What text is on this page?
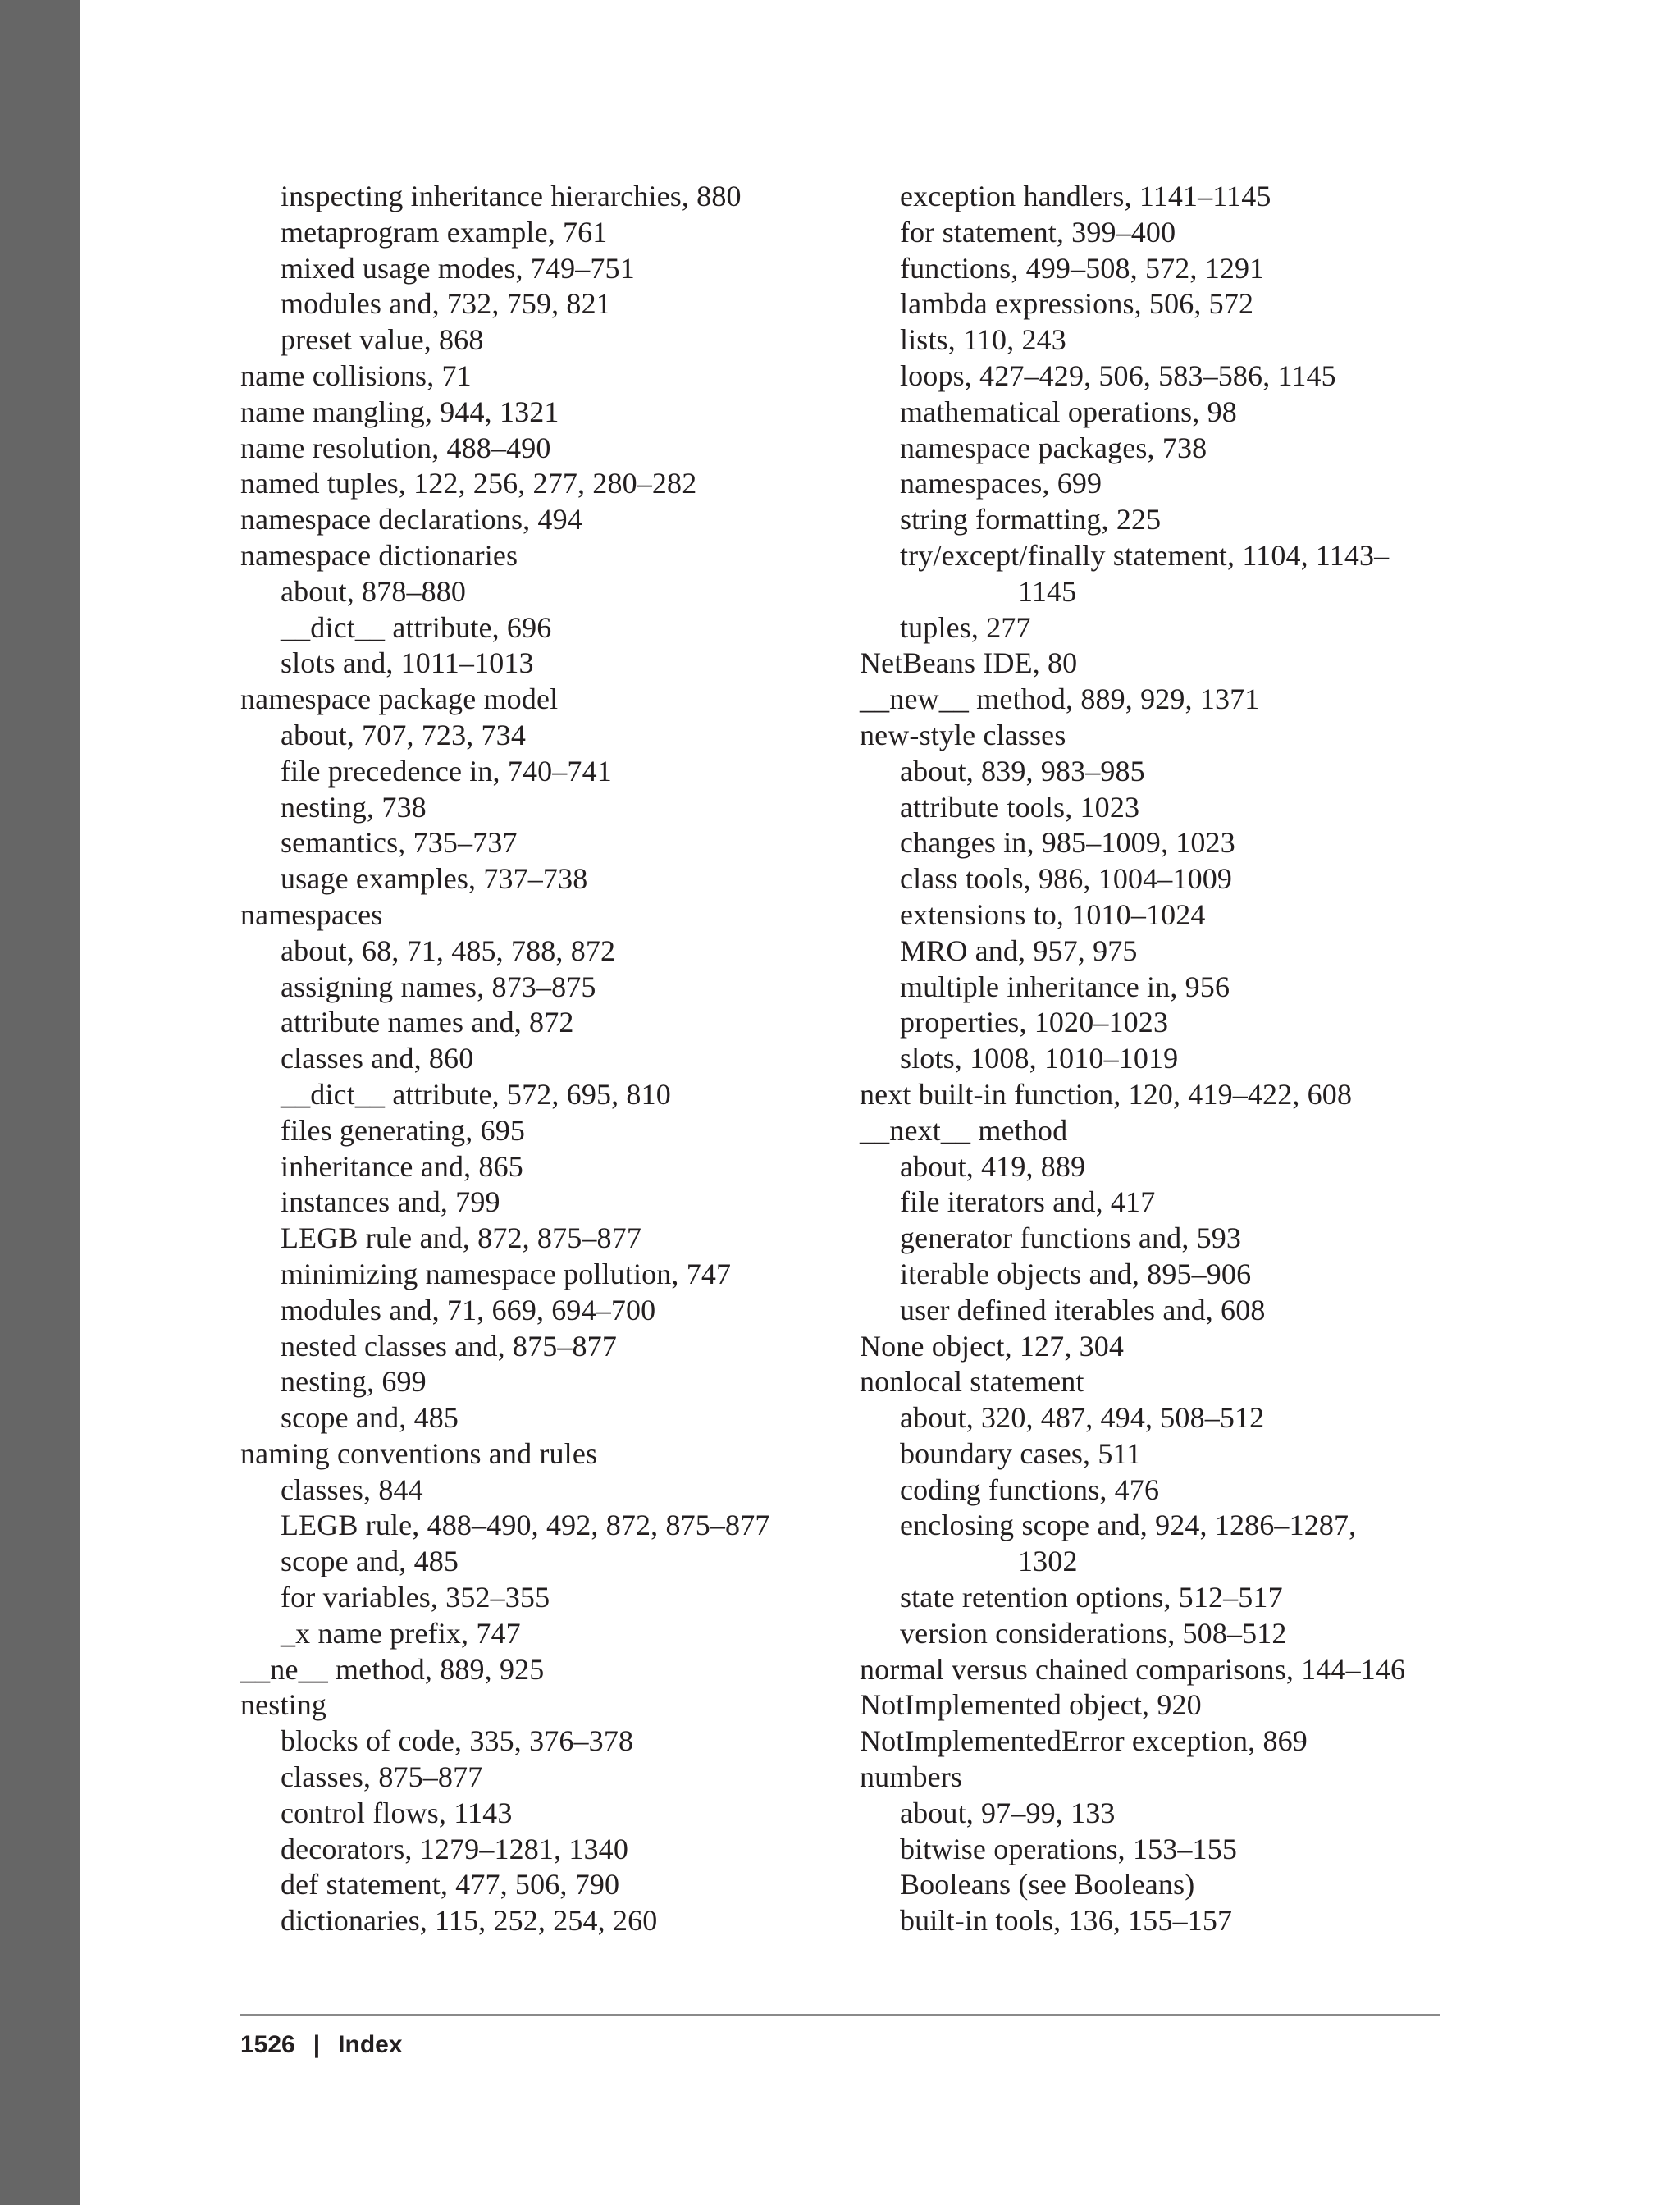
inspecting inheritance hierarchies, 880
metaprogram example, 761
mixed usage modes, 749–751
modules and, 732, 759, 821
preset value, 868
name collisions, 71
name mangling, 944, 1321
name resolution, 488–490
named tuples, 122, 256, 277, 280–282
namespace declarations, 494
namespace dictionaries
about, 878–880
__dict__ attribute, 696
slots and, 1011–1013
namespace package model
about, 707, 723, 734
file precedence in, 740–741
nesting, 738
semantics, 735–737
usage examples, 737–738
namespaces
about, 68, 71, 485, 788, 872
assigning names, 873–875
attribute names and, 872
classes and, 860
__dict__ attribute, 572, 695, 810
files generating, 695
inheritance and, 865
instances and, 799
LEGB rule and, 872, 875–877
minimizing namespace pollution, 747
modules and, 71, 669, 694–700
nested classes and, 875–877
nesting, 699
scope and, 485
naming conventions and rules
classes, 844
LEGB rule, 488–490, 492, 872, 875–877
scope and, 485
for variables, 352–355
_x name prefix, 747
__ne__ method, 889, 925
nesting
blocks of code, 335, 376–378
classes, 875–877
control flows, 1143
decorators, 1279–1281, 1340
def statement, 477, 506, 790
dictionaries, 115, 252, 254, 260
exception handlers, 1141–1145
for statement, 399–400
functions, 499–508, 572, 1291
lambda expressions, 506, 572
lists, 110, 243
loops, 427–429, 506, 583–586, 1145
mathematical operations, 98
namespace packages, 738
namespaces, 699
string formatting, 225
try/except/finally statement, 1104, 1143–
1145
tuples, 277
NetBeans IDE, 80
__new__ method, 889, 929, 1371
new-style classes
about, 839, 983–985
attribute tools, 1023
changes in, 985–1009, 1023
class tools, 986, 1004–1009
extensions to, 1010–1024
MRO and, 957, 975
multiple inheritance in, 956
properties, 1020–1023
slots, 1008, 1010–1019
next built-in function, 120, 419–422, 608
__next__ method
about, 419, 889
file iterators and, 417
generator functions and, 593
iterable objects and, 895–906
user defined iterables and, 608
None object, 127, 304
nonlocal statement
about, 320, 487, 494, 508–512
boundary cases, 511
coding functions, 476
enclosing scope and, 924, 1286–1287,
1302
state retention options, 512–517
version considerations, 508–512
normal versus chained comparisons, 144–146
NotImplemented object, 920
NotImplementedError exception, 869
numbers
about, 97–99, 133
bitwise operations, 153–155
Booleans (see Booleans)
built-in tools, 136, 155–157
1526 | Index
